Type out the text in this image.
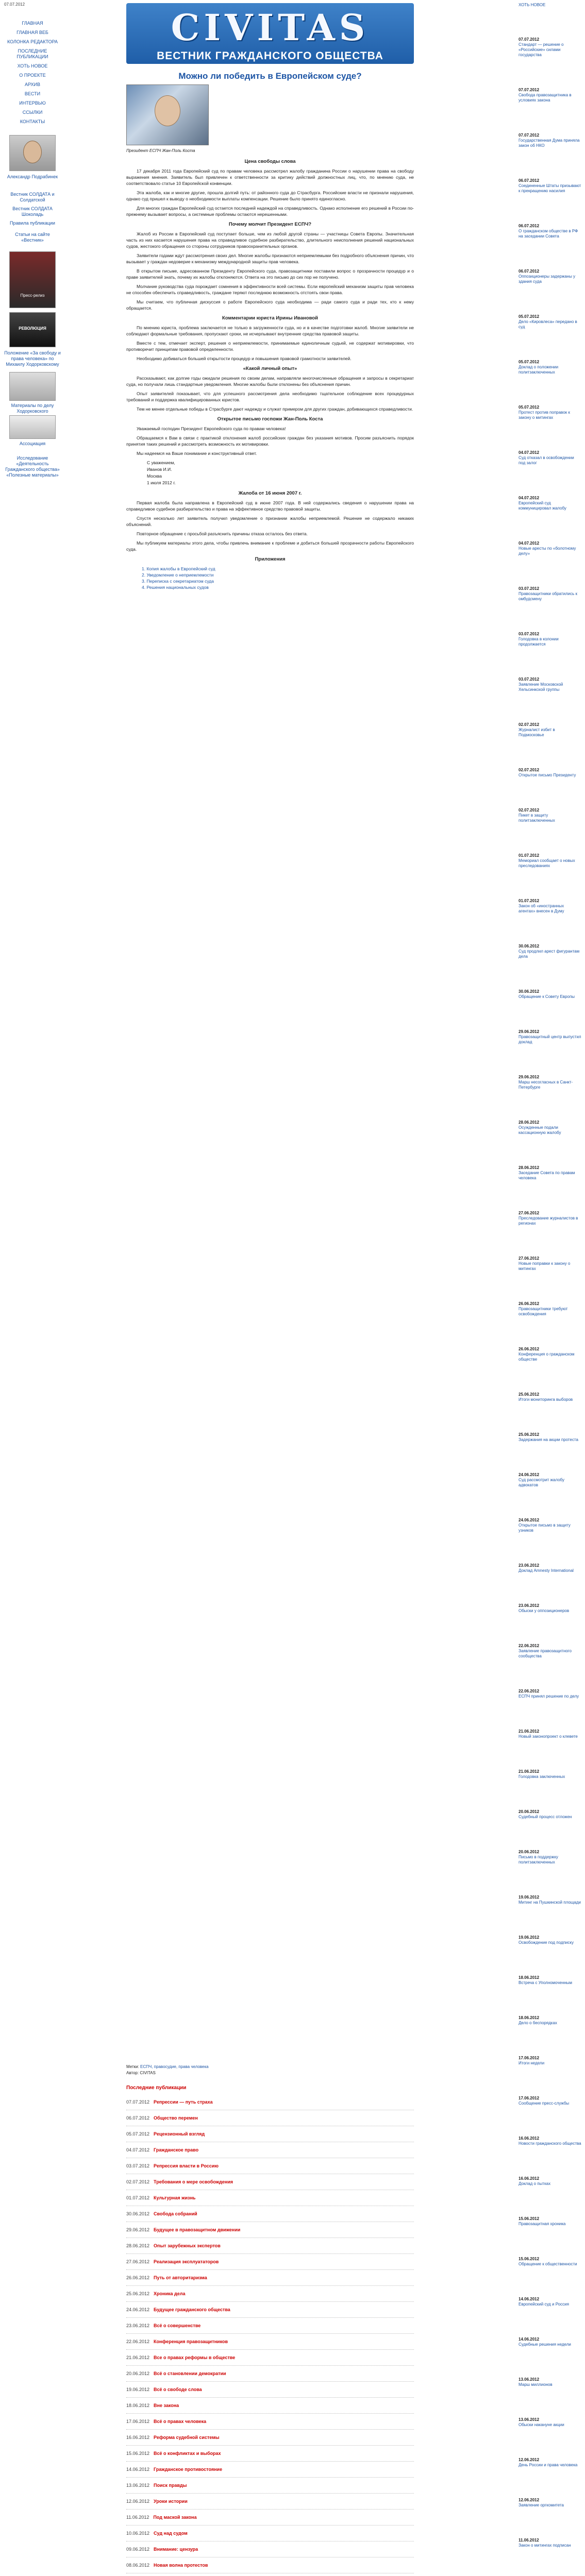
07.07.2012
CIVITAS
ВЕСТНИК ГРАЖДАНСКОГО ОБЩЕСТВА
ГЛАВНАЯ
ГЛАВНАЯ ВЕБ
КОЛОНКА РЕДАКТОРА
ПОСЛЕДНИЕ ПУБЛИКАЦИИ
ХОТЬ НОВОЕ
О ПРОЕКТЕ
АРХИВ
ВЕСТИ
ИНТЕРВЬЮ
ССЫЛКИ
КОНТАКТЫ
Александр Подрабинек
Вестник СОЛДАТА и Солдатской
Вестник СОЛДАТА Шоколадь
Правила публикации
Статьи на сайте «Вестник»
Пресс-релиз
РЕВОЛЮЦИЯ
Положение «За свободу и права человека» по Михаилу Ходорковскому
Материалы по делу Ходорковского
Ассоциация
Исследование «Деятельность Гражданского общества» «Полезные материалы»
ХОТЬ НОВОЕ
07.07.2012
Стандарт — решение о «Российские» силами государства
07.07.2012
Свобода правозащитника в условиях закона
07.07.2012
Государственная Дума приняла закон об НКО
06.07.2012
Соединенные Штаты призывают к прекращению насилия
06.07.2012
О гражданском обществе в РФ на заседании Совета
06.07.2012
Оппозиционеры задержаны у здания суда
05.07.2012
Дело «Кировлеса» передано в суд
05.07.2012
Доклад о положении политзаключенных
05.07.2012
Протест против поправок к закону о митингах
04.07.2012
Суд отказал в освобождении под залог
04.07.2012
Европейский суд коммуницировал жалобу
04.07.2012
Новые аресты по «болотному делу»
03.07.2012
Правозащитники обратились к омбудсмену
03.07.2012
Голодовка в колонии продолжается
03.07.2012
Заявление Московской Хельсинкской группы
02.07.2012
Журналист избит в Подмосковье
02.07.2012
Открытое письмо Президенту
02.07.2012
Пикет в защиту политзаключенных
01.07.2012
Мемориал сообщает о новых преследованиях
01.07.2012
Закон об «иностранных агентах» внесен в Думу
30.06.2012
Суд продлил арест фигурантам дела
30.06.2012
Обращение к Совету Европы
29.06.2012
Правозащитный центр выпустил доклад
29.06.2012
Марш несогласных в Санкт-Петербурге
28.06.2012
Осужденные подали кассационную жалобу
28.06.2012
Заседание Совета по правам человека
27.06.2012
Преследование журналистов в регионах
27.06.2012
Новые поправки к закону о митингах
26.06.2012
Правозащитники требуют освобождения
26.06.2012
Конференция о гражданском обществе
25.06.2012
Итоги мониторинга выборов
25.06.2012
Задержания на акции протеста
24.06.2012
Суд рассмотрит жалобу адвокатов
24.06.2012
Открытое письмо в защиту узников
23.06.2012
Доклад Amnesty International
23.06.2012
Обыски у оппозиционеров
22.06.2012
Заявление правозащитного сообщества
22.06.2012
ЕСПЧ принял решение по делу
21.06.2012
Новый законопроект о клевете
21.06.2012
Голодовка заключенных
20.06.2012
Судебный процесс отложен
20.06.2012
Письмо в поддержку политзаключенных
19.06.2012
Митинг на Пушкинской площади
19.06.2012
Освобождение под подписку
18.06.2012
Встреча с Уполномоченным
18.06.2012
Дело о беспорядках
17.06.2012
Итоги недели
17.06.2012
Сообщение пресс-службы
16.06.2012
Новости гражданского общества
16.06.2012
Доклад о пытках
15.06.2012
Правозащитная хроника
15.06.2012
Обращение к общественности
14.06.2012
Европейский суд и Россия
14.06.2012
Судебные решения недели
13.06.2012
Марш миллионов
13.06.2012
Обыски накануне акции
12.06.2012
День России и права человека
12.06.2012
Заявление оргкомитета
11.06.2012
Закон о митингах подписан
Можно ли победить в Европейском суде?
Президент ЕСПЧ Жан-Поль Коста
Цена свободы слова

17 декабря 2011 года Европейский суд по правам человека рассмотрел жалобу гражданина России о нарушении права на свободу выражения мнения. Заявитель был привлечен к ответственности за критику действий должностных лиц, что, по мнению суда, не соответствовало статье 10 Европейской конвенции.

Эта жалоба, как и многие другие, прошла долгий путь: от районного суда до Страсбурга. Российские власти не признали нарушения, однако суд пришел к выводу о необходимости выплаты компенсации. Решение было принято единогласно.

Для многих граждан Европейский суд остается последней надеждой на справедливость. Однако исполнение его решений в России по-прежнему вызывает вопросы, а системные проблемы остаются нерешенными.

Почему молчит Президент ЕСПЧ?

Жалоб из России в Европейский суд поступает больше, чем из любой другой страны — участницы Совета Европы. Значительная часть из них касается нарушения права на справедливое судебное разбирательство, длительного неисполнения решений национальных судов, жестокого обращения со стороны сотрудников правоохранительных органов.

Заявители годами ждут рассмотрения своих дел. Многие жалобы признаются неприемлемыми без подробного объяснения причин, что вызывает у граждан недоверие к механизму международной защиты прав человека.

В открытом письме, адресованном Президенту Европейского суда, правозащитники поставили вопрос о прозрачности процедур и о праве заявителей знать, почему их жалобы отклоняются. Ответа на это письмо до сих пор не получено.

Молчание руководства суда порождает сомнения в эффективности всей системы. Если европейский механизм защиты прав человека не способен обеспечить справедливость, граждане теряют последнюю возможность отстоять свои права.

Мы считаем, что публичная дискуссия о работе Европейского суда необходима — ради самого суда и ради тех, кто к нему обращается.

Комментарии юриста Ирины Ивановой

По мнению юриста, проблема заключается не только в загруженности суда, но и в качестве подготовки жалоб. Многие заявители не соблюдают формальные требования, пропускают сроки, не исчерпывают внутренние средства правовой защиты.

Вместе с тем, отмечает эксперт, решения о неприемлемости, принимаемые единоличным судьей, не содержат мотивировки, что противоречит принципам правовой определенности.

Необходимо добиваться большей открытости процедур и повышения правовой грамотности заявителей.

«Какой личный опыт»

Рассказывают, как долгие годы ожидали решения по своим делам, направляли многочисленные обращения и запросы в секретариат суда, но получали лишь стандартные уведомления. Многие жалобы были отклонены без объяснения причин.

Опыт заявителей показывает, что для успешного рассмотрения дела необходимо тщательное соблюдение всех процедурных требований и поддержка квалифицированных юристов.

Тем не менее отдельные победы в Страсбурге дают надежду и служат примером для других граждан, добивающихся справедливости.

Открытое письмо госпожи Жан-Поль Коста

Уважаемый господин Президент Европейского суда по правам человека!

Обращаемся к Вам в связи с практикой отклонения жалоб российских граждан без указания мотивов. Просим разъяснить порядок принятия таких решений и рассмотреть возможность их мотивировки.

Мы надеемся на Ваше понимание и конструктивный ответ.

С уважением,
Иванов И.И.
Москва
1 июля 2012 г.
Жалоба от 16 июня 2007 г.

Первая жалоба была направлена в Европейский суд в июне 2007 года. В ней содержались сведения о нарушении права на справедливое судебное разбирательство и права на эффективное средство правовой защиты.

Спустя несколько лет заявитель получил уведомление о признании жалобы неприемлемой. Решение не содержало никаких объяснений.

Повторное обращение с просьбой разъяснить причины отказа осталось без ответа.

Мы публикуем материалы этого дела, чтобы привлечь внимание к проблеме и добиться большей прозрачности работы Европейского суда.

Приложения
1. Копия жалобы в Европейский суд
2. Уведомление о неприемлемости
3. Переписка с секретариатом суда
4. Решения национальных судов

Метки: ЕСПЧ, правосудие, права человека
Автор: CIVITAS
Последние публикации
07.07.2012 Репрессии — путь страха
06.07.2012 Общество перемен
05.07.2012 Рецензионный взгляд
04.07.2012 Гражданское право
03.07.2012 Репрессия власти в Россию
02.07.2012 Требования о мере освобождения
01.07.2012 Культурная жизнь
30.06.2012 Свобода собраний
29.06.2012 Будущее в правозащитном движении
28.06.2012 Опыт зарубежных экспертов
27.06.2012 Реализация эксплуататоров
26.06.2012 Путь от авторитаризма
25.06.2012 Хроника дела
24.06.2012 Будущее гражданского общества
23.06.2012 Всё о совершенстве
22.06.2012 Конференция правозащитников
21.06.2012 Все о правах реформы в обществе
20.06.2012 Всё о становлении демократии
19.06.2012 Всё о свободе слова
18.06.2012 Вне закона
17.06.2012 Всё о правах человека
16.06.2012 Реформа судебной системы
15.06.2012 Всё о конфликтах и выборах
14.06.2012 Гражданское противостояние
13.06.2012 Поиск правды
12.06.2012 Уроки истории
11.06.2012 Под маской закона
10.06.2012 Суд над судом
09.06.2012 Внимание: цензура
08.06.2012 Новая волна протестов
